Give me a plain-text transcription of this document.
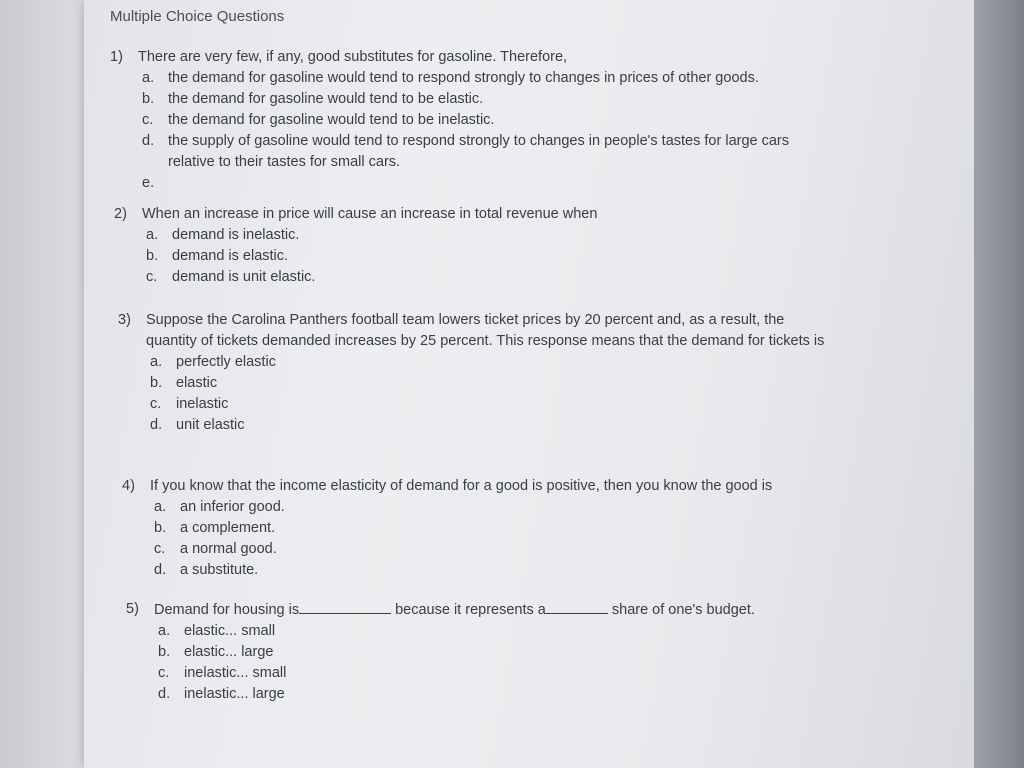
Multiple Choice Questions
1)	There are very few, if any, good substitutes for gasoline. Therefore,
a. the demand for gasoline would tend to respond strongly to changes in prices of other goods.
b. the demand for gasoline would tend to be elastic.
c.	the demand for gasoline would tend to be inelastic.
d. the supply of gasoline would tend to respond strongly to changes in people's tastes for large cars relative to their tastes for small cars.
e.
2)	When an increase in price will cause an increase in total revenue when
a. demand is inelastic.
b. demand is elastic.
c.	demand is unit elastic.
3)	Suppose the Carolina Panthers football team lowers ticket prices by 20 percent and, as a result, the quantity of tickets demanded increases by 25 percent. This response means that the demand for tickets is
a. perfectly elastic
b. elastic
c.	inelastic
d. unit elastic
4)	If you know that the income elasticity of demand for a good is positive, then you know the good is
a. an inferior good.
b. a complement.
c.	a normal good.
d. a substitute.
5)	Demand for housing is	because it represents a	share of one's budget.
a. elastic... small
b. elastic... large
c.	inelastic... small
d. inelastic... large
